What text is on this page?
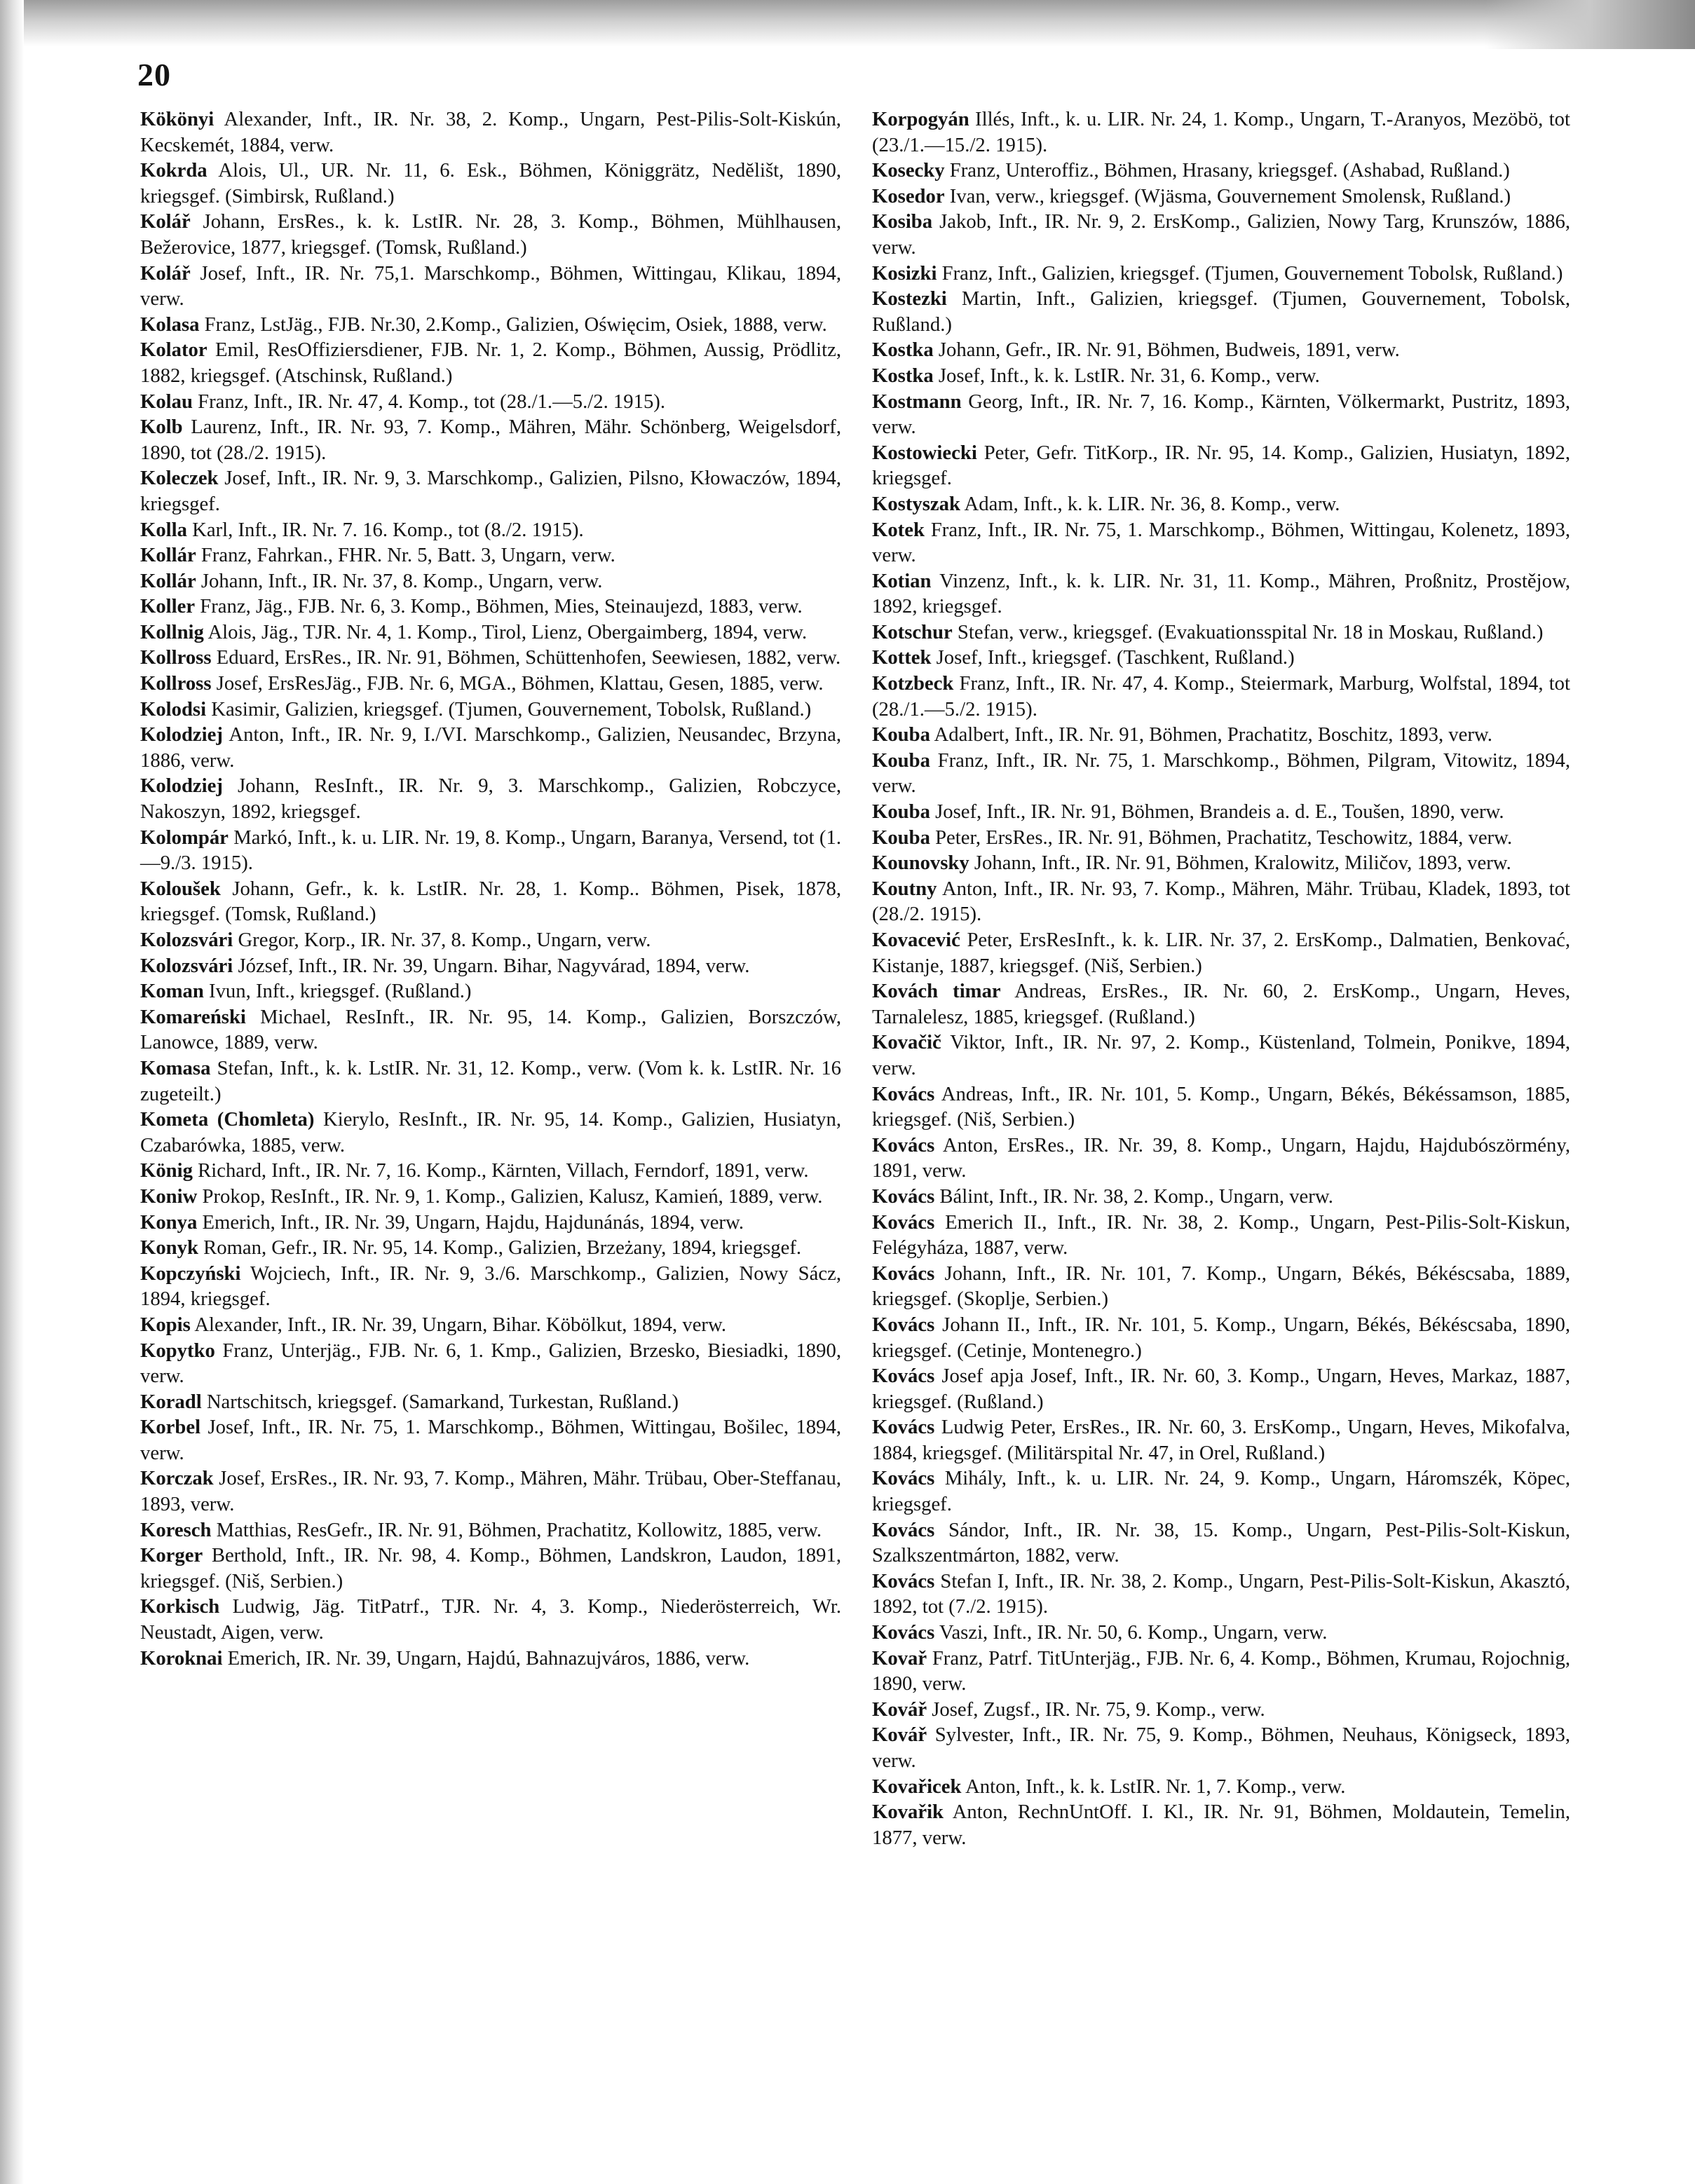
20

Kökönyi Alexander, Inft., IR. Nr. 38, 2. Komp., Ungarn, Pest-Pilis-Solt-Kiskún, Kecskemét, 1884, verw.

Kokrda Alois, Ul., UR. Nr. 11, 6. Esk., Böhmen, Königgrätz, Nedĕlišt, 1890, kriegsgef. (Simbirsk, Rußland.)

Kolář Johann, ErsRes., k. k. LstIR. Nr. 28, 3. Komp., Böhmen, Mühlhausen, Bežerovice, 1877, kriegsgef. (Tomsk, Rußland.)

Kolář Josef, Inft., IR. Nr. 75,1. Marschkomp., Böhmen, Wittingau, Klikau, 1894, verw.

Kolasa Franz, LstJäg., FJB. Nr.30, 2.Komp., Galizien, Oświęcim, Osiek, 1888, verw.

Kolator Emil, ResOffiziersdiener, FJB. Nr. 1, 2. Komp., Böhmen, Aussig, Prödlitz, 1882, kriegsgef. (Atschinsk, Rußland.)

Kolau Franz, Inft., IR. Nr. 47, 4. Komp., tot (28./1.—5./2. 1915).

Kolb Laurenz, Inft., IR. Nr. 93, 7. Komp., Mähren, Mähr. Schönberg, Weigelsdorf, 1890, tot (28./2. 1915).

Koleczek Josef, Inft., IR. Nr. 9, 3. Marschkomp., Galizien, Pilsno, Kłowaczów, 1894, kriegsgef.

Kolla Karl, Inft., IR. Nr. 7. 16. Komp., tot (8./2. 1915).

Kollár Franz, Fahrkan., FHR. Nr. 5, Batt. 3, Ungarn, verw.

Kollár Johann, Inft., IR. Nr. 37, 8. Komp., Ungarn, verw.

Koller Franz, Jäg., FJB. Nr. 6, 3. Komp., Böhmen, Mies, Steinaujezd, 1883, verw.

Kollnig Alois, Jäg., TJR. Nr. 4, 1. Komp., Tirol, Lienz, Obergaimberg, 1894, verw.

Kollross Eduard, ErsRes., IR. Nr. 91, Böhmen, Schüttenhofen, Seewiesen, 1882, verw.

Kollross Josef, ErsResJäg., FJB. Nr. 6, MGA., Böhmen, Klattau, Gesen, 1885, verw.

Kolodsi Kasimir, Galizien, kriegsgef. (Tjumen, Gouvernement, Tobolsk, Rußland.)

Kolodziej Anton, Inft., IR. Nr. 9, I./VI. Marschkomp., Galizien, Neusandec, Brzyna, 1886, verw.

Kolodziej Johann, ResInft., IR. Nr. 9, 3. Marschkomp., Galizien, Robczyce, Nakoszyn, 1892, kriegsgef.

Kolompár Markó, Inft., k. u. LIR. Nr. 19, 8. Komp., Ungarn, Baranya, Versend, tot (1.—9./3. 1915).

Koloušek Johann, Gefr., k. k. LstIR. Nr. 28, 1. Komp.. Böhmen, Pisek, 1878, kriegsgef. (Tomsk, Rußland.)

Kolozsvári Gregor, Korp., IR. Nr. 37, 8. Komp., Ungarn, verw.

Kolozsvári József, Inft., IR. Nr. 39, Ungarn. Bihar, Nagyvárad, 1894, verw.

Koman Ivun, Inft., kriegsgef. (Rußland.)

Komareński Michael, ResInft., IR. Nr. 95, 14. Komp., Galizien, Borszczów, Lanowce, 1889, verw.

Komasa Stefan, Inft., k. k. LstIR. Nr. 31, 12. Komp., verw. (Vom k. k. LstIR. Nr. 16 zugeteilt.)

Kometa (Chomleta) Kierylo, ResInft., IR. Nr. 95, 14. Komp., Galizien, Husiatyn, Czabarówka, 1885, verw.

König Richard, Inft., IR. Nr. 7, 16. Komp., Kärnten, Villach, Ferndorf, 1891, verw.

Koniw Prokop, ResInft., IR. Nr. 9, 1. Komp., Galizien, Kalusz, Kamień, 1889, verw.

Konya Emerich, Inft., IR. Nr. 39, Ungarn, Hajdu, Hajdunánás, 1894, verw.

Konyk Roman, Gefr., IR. Nr. 95, 14. Komp., Galizien, Brzeżany, 1894, kriegsgef.

Kopczyński Wojciech, Inft., IR. Nr. 9, 3./6. Marschkomp., Galizien, Nowy Sácz, 1894, kriegsgef.

Kopis Alexander, Inft., IR. Nr. 39, Ungarn, Bihar. Köbölkut, 1894, verw.

Kopytko Franz, Unterjäg., FJB. Nr. 6, 1. Kmp., Galizien, Brzesko, Biesiadki, 1890, verw.

Koradl Nartschitsch, kriegsgef. (Samarkand, Turkestan, Rußland.)

Korbel Josef, Inft., IR. Nr. 75, 1. Marschkomp., Böhmen, Wittingau, Bošilec, 1894, verw.

Korczak Josef, ErsRes., IR. Nr. 93, 7. Komp., Mähren, Mähr. Trübau, Ober-Steffanau, 1893, verw.

Koresch Matthias, ResGefr., IR. Nr. 91, Böhmen, Prachatitz, Kollowitz, 1885, verw.

Korger Berthold, Inft., IR. Nr. 98, 4. Komp., Böhmen, Landskron, Laudon, 1891, kriegsgef. (Niš, Serbien.)

Korkisch Ludwig, Jäg. TitPatrf., TJR. Nr. 4, 3. Komp., Niederösterreich, Wr. Neustadt, Aigen, verw.

Koroknai Emerich, IR. Nr. 39, Ungarn, Hajdú, Bahnazujváros, 1886, verw.

Korpogyán Illés, Inft., k. u. LIR. Nr. 24, 1. Komp., Ungarn, T.-Aranyos, Mezöbö, tot (23./1.—15./2. 1915).

Kosecky Franz, Unteroffiz., Böhmen, Hrasany, kriegsgef. (Ashabad, Rußland.)

Kosedor Ivan, verw., kriegsgef. (Wjäsma, Gouvernement Smolensk, Rußland.)

Kosiba Jakob, Inft., IR. Nr. 9, 2. ErsKomp., Galizien, Nowy Targ, Krunszów, 1886, verw.

Kosizki Franz, Inft., Galizien, kriegsgef. (Tjumen, Gouvernement Tobolsk, Rußland.)

Kostezki Martin, Inft., Galizien, kriegsgef. (Tjumen, Gouvernement, Tobolsk, Rußland.)

Kostka Johann, Gefr., IR. Nr. 91, Böhmen, Budweis, 1891, verw.

Kostka Josef, Inft., k. k. LstIR. Nr. 31, 6. Komp., verw.

Kostmann Georg, Inft., IR. Nr. 7, 16. Komp., Kärnten, Völkermarkt, Pustritz, 1893, verw.

Kostowiecki Peter, Gefr. TitKorp., IR. Nr. 95, 14. Komp., Galizien, Husiatyn, 1892, kriegsgef.

Kostyszak Adam, Inft., k. k. LIR. Nr. 36, 8. Komp., verw.

Kotek Franz, Inft., IR. Nr. 75, 1. Marschkomp., Böhmen, Wittingau, Kolenetz, 1893, verw.

Kotian Vinzenz, Inft., k. k. LIR. Nr. 31, 11. Komp., Mähren, Proßnitz, Prostějow, 1892, kriegsgef.

Kotschur Stefan, verw., kriegsgef. (Evakuationsspital Nr. 18 in Moskau, Rußland.)

Kottek Josef, Inft., kriegsgef. (Taschkent, Rußland.)

Kotzbeck Franz, Inft., IR. Nr. 47, 4. Komp., Steiermark, Marburg, Wolfstal, 1894, tot (28./1.—5./2. 1915).

Kouba Adalbert, Inft., IR. Nr. 91, Böhmen, Prachatitz, Boschitz, 1893, verw.

Kouba Franz, Inft., IR. Nr. 75, 1. Marschkomp., Böhmen, Pilgram, Vitowitz, 1894, verw.

Kouba Josef, Inft., IR. Nr. 91, Böhmen, Brandeis a. d. E., Toušen, 1890, verw.

Kouba Peter, ErsRes., IR. Nr. 91, Böhmen, Prachatitz, Teschowitz, 1884, verw.

Kounovsky Johann, Inft., IR. Nr. 91, Böhmen, Kralowitz, Miličov, 1893, verw.

Koutny Anton, Inft., IR. Nr. 93, 7. Komp., Mähren, Mähr. Trübau, Kladek, 1893, tot (28./2. 1915).

Kovacević Peter, ErsResInft., k. k. LIR. Nr. 37, 2. ErsKomp., Dalmatien, Benkovać, Kistanje, 1887, kriegsgef. (Niš, Serbien.)

Kovách timar Andreas, ErsRes., IR. Nr. 60, 2. ErsKomp., Ungarn, Heves, Tarnalelesz, 1885, kriegsgef. (Rußland.)

Kovačič Viktor, Inft., IR. Nr. 97, 2. Komp., Küstenland, Tolmein, Ponikve, 1894, verw.

Kovács Andreas, Inft., IR. Nr. 101, 5. Komp., Ungarn, Békés, Békéssamson, 1885, kriegsgef. (Niš, Serbien.)

Kovács Anton, ErsRes., IR. Nr. 39, 8. Komp., Ungarn, Hajdu, Hajdubószörmény, 1891, verw.

Kovács Bálint, Inft., IR. Nr. 38, 2. Komp., Ungarn, verw.

Kovács Emerich II., Inft., IR. Nr. 38, 2. Komp., Ungarn, Pest-Pilis-Solt-Kiskun, Felégyháza, 1887, verw.

Kovács Johann, Inft., IR. Nr. 101, 7. Komp., Ungarn, Békés, Békéscsaba, 1889, kriegsgef. (Skoplje, Serbien.)

Kovács Johann II., Inft., IR. Nr. 101, 5. Komp., Ungarn, Békés, Békéscsaba, 1890, kriegsgef. (Cetinje, Montenegro.)

Kovács Josef apja Josef, Inft., IR. Nr. 60, 3. Komp., Ungarn, Heves, Markaz, 1887, kriegsgef. (Rußland.)

Kovács Ludwig Peter, ErsRes., IR. Nr. 60, 3. ErsKomp., Ungarn, Heves, Mikofalva, 1884, kriegsgef. (Militärspital Nr. 47, in Orel, Rußland.)

Kovács Mihály, Inft., k. u. LIR. Nr. 24, 9. Komp., Ungarn, Háromszék, Köpec, kriegsgef.

Kovács Sándor, Inft., IR. Nr. 38, 15. Komp., Ungarn, Pest-Pilis-Solt-Kiskun, Szalkszentmárton, 1882, verw.

Kovács Stefan I, Inft., IR. Nr. 38, 2. Komp., Ungarn, Pest-Pilis-Solt-Kiskun, Akasztó, 1892, tot (7./2. 1915).

Kovács Vaszi, Inft., IR. Nr. 50, 6. Komp., Ungarn, verw.

Kovař Franz, Patrf. TitUnterjäg., FJB. Nr. 6, 4. Komp., Böhmen, Krumau, Rojochnig, 1890, verw.

Kovář Josef, Zugsf., IR. Nr. 75, 9. Komp., verw.

Kovář Sylvester, Inft., IR. Nr. 75, 9. Komp., Böhmen, Neuhaus, Königseck, 1893, verw.

Kovařicek Anton, Inft., k. k. LstIR. Nr. 1, 7. Komp., verw.

Kovařik Anton, RechnUntOff. I. Kl., IR. Nr. 91, Böhmen, Moldautein, Temelin, 1877, verw.
